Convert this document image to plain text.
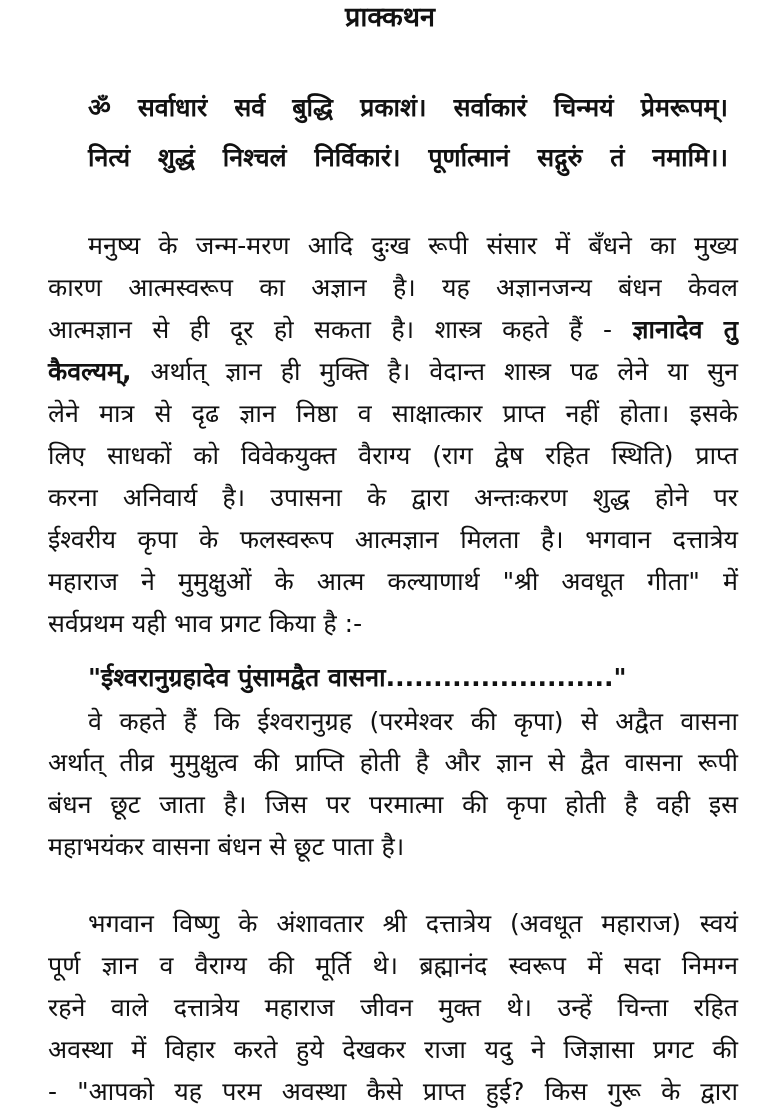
प्राक्कथन
ॐ सर्वाधारं सर्व बुद्धि प्रकाशं। सर्वाकारं चिन्मयं प्रेमरूपम्।
नित्यं शुद्धं निश्चलं निर्विकारं। पूर्णात्मानं सद्गुरुं तं नमामि।।
मनुष्य के जन्म-मरण आदि दुःख रूपी संसार में बँधने का मुख्य
कारण आत्मस्वरूप का अज्ञान है। यह अज्ञानजन्य बंधन केवल
आत्मज्ञान से ही दूर हो सकता है। शास्त्र कहते हैं - ज्ञानादेव तु
कैवल्यम्, अर्थात् ज्ञान ही मुक्ति है। वेदान्त शास्त्र पढ लेने या सुन
लेने मात्र से दृढ ज्ञान निष्ठा व साक्षात्कार प्राप्त नहीं होता। इसके
लिए साधकों को विवेकयुक्त वैराग्य (राग द्वेष रहित स्थिति) प्राप्त
करना अनिवार्य है। उपासना के द्वारा अन्तःकरण शुद्ध होने पर
ईश्वरीय कृपा के फलस्वरूप आत्मज्ञान मिलता है। भगवान दत्तात्रेय
महाराज ने मुमुक्षुओं के आत्म कल्याणार्थ "श्री अवधूत गीता" में
सर्वप्रथम यही भाव प्रगट किया है :-
"ईश्वरानुग्रहादेव पुंसामद्वैत वासना........................"
वे कहते हैं कि ईश्वरानुग्रह (परमेश्वर की कृपा) से अद्वैत वासना
अर्थात् तीव्र मुमुक्षुत्व की प्राप्ति होती है और ज्ञान से द्वैत वासना रूपी
बंधन छूट जाता है। जिस पर परमात्मा की कृपा होती है वही इस
महाभयंकर वासना बंधन से छूट पाता है।
भगवान विष्णु के अंशावतार श्री दत्तात्रेय (अवधूत महाराज) स्वयं
पूर्ण ज्ञान व वैराग्य की मूर्ति थे। ब्रह्मानंद स्वरूप में सदा निमग्न
रहने वाले दत्तात्रेय महाराज जीवन मुक्त थे। उन्हें चिन्ता रहित
अवस्था में विहार करते हुये देखकर राजा यदु ने जिज्ञासा प्रगट की
- "आपको यह परम अवस्था कैसे प्राप्त हुई? किस गुरू के द्वारा
